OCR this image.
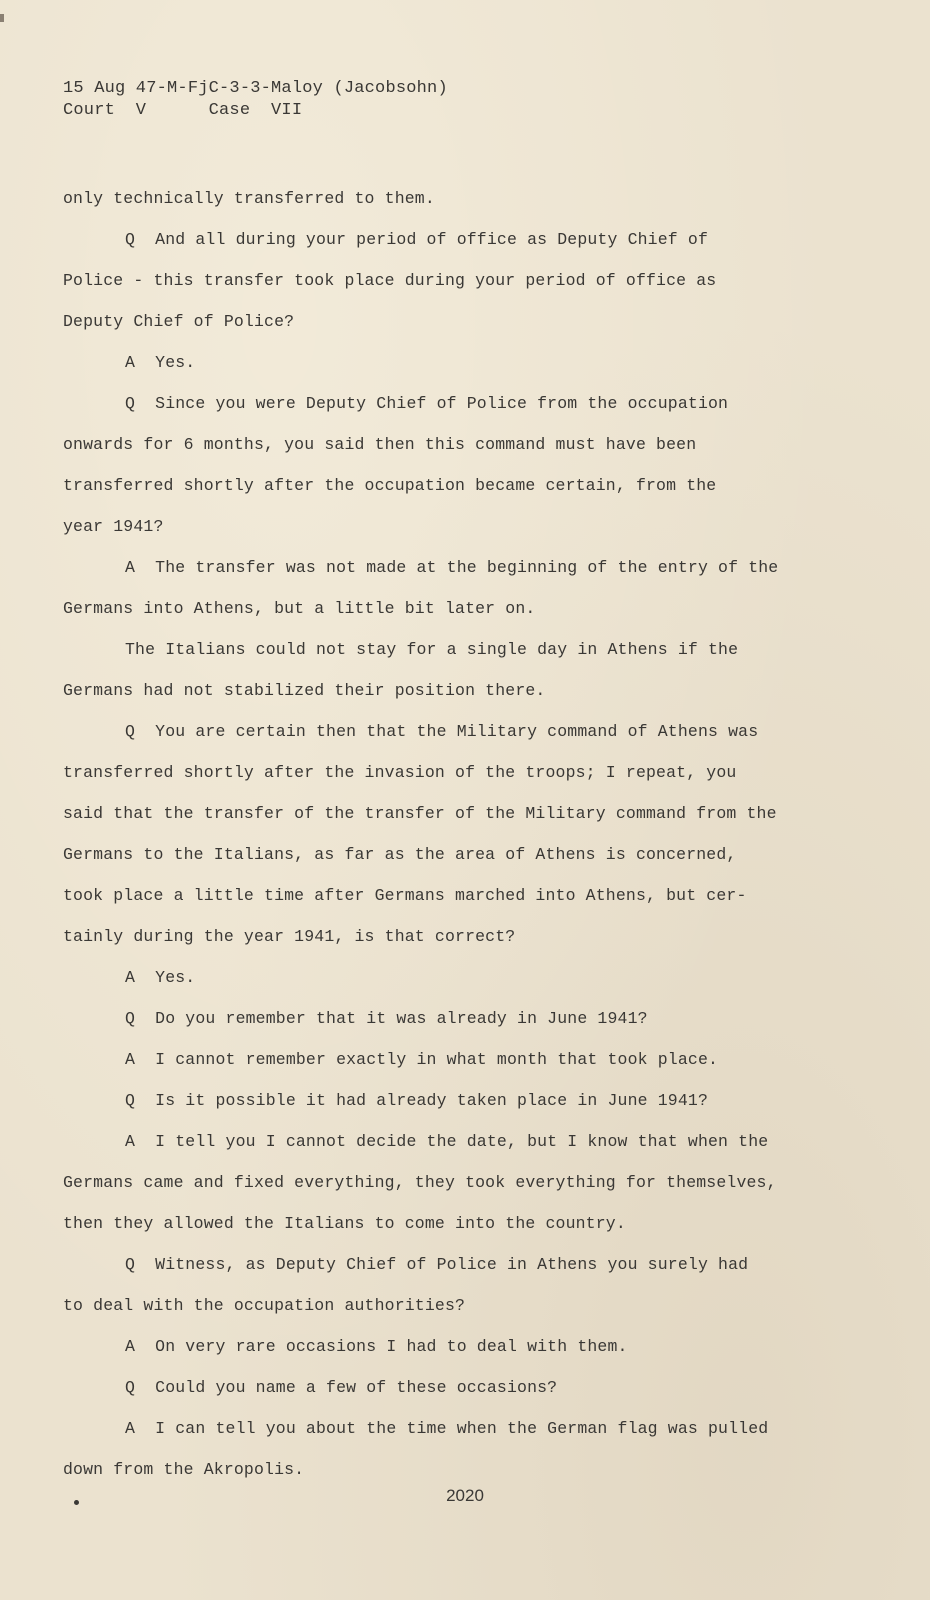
15 Aug 47-M-FjC-3-3-Maloy (Jacobsohn)
Court  V      Case  VII
only technically transferred to them.
Q  And all during your period of office as Deputy Chief of
Police - this transfer took place during your period of office as
Deputy Chief of Police?
A  Yes.
Q  Since you were Deputy Chief of Police from the occupation
onwards for 6 months, you said then this command must have been
transferred shortly after the occupation became certain, from the
year 1941?
A  The transfer was not made at the beginning of the entry of the
Germans into Athens, but a little bit later on.
The Italians could not stay for a single day in Athens if the
Germans had not stabilized their position there.
Q  You are certain then that the Military command of Athens was
transferred shortly after the invasion of the troops; I repeat, you
said that the transfer of the transfer of the Military command from the
Germans to the Italians, as far as the area of Athens is concerned,
took place a little time after Germans marched into Athens, but cer-
tainly during the year 1941, is that correct?
A  Yes.
Q  Do you remember that it was already in June 1941?
A  I cannot remember exactly in what month that took place.
Q  Is it possible it had already taken place in June 1941?
A  I tell you I cannot decide the date, but I know that when the
Germans came and fixed everything, they took everything for themselves,
then they allowed the Italians to come into the country.
Q  Witness, as Deputy Chief of Police in Athens you surely had
to deal with the occupation authorities?
A  On very rare occasions I had to deal with them.
Q  Could you name a few of these occasions?
A  I can tell you about the time when the German flag was pulled
down from the Akropolis.
2020
